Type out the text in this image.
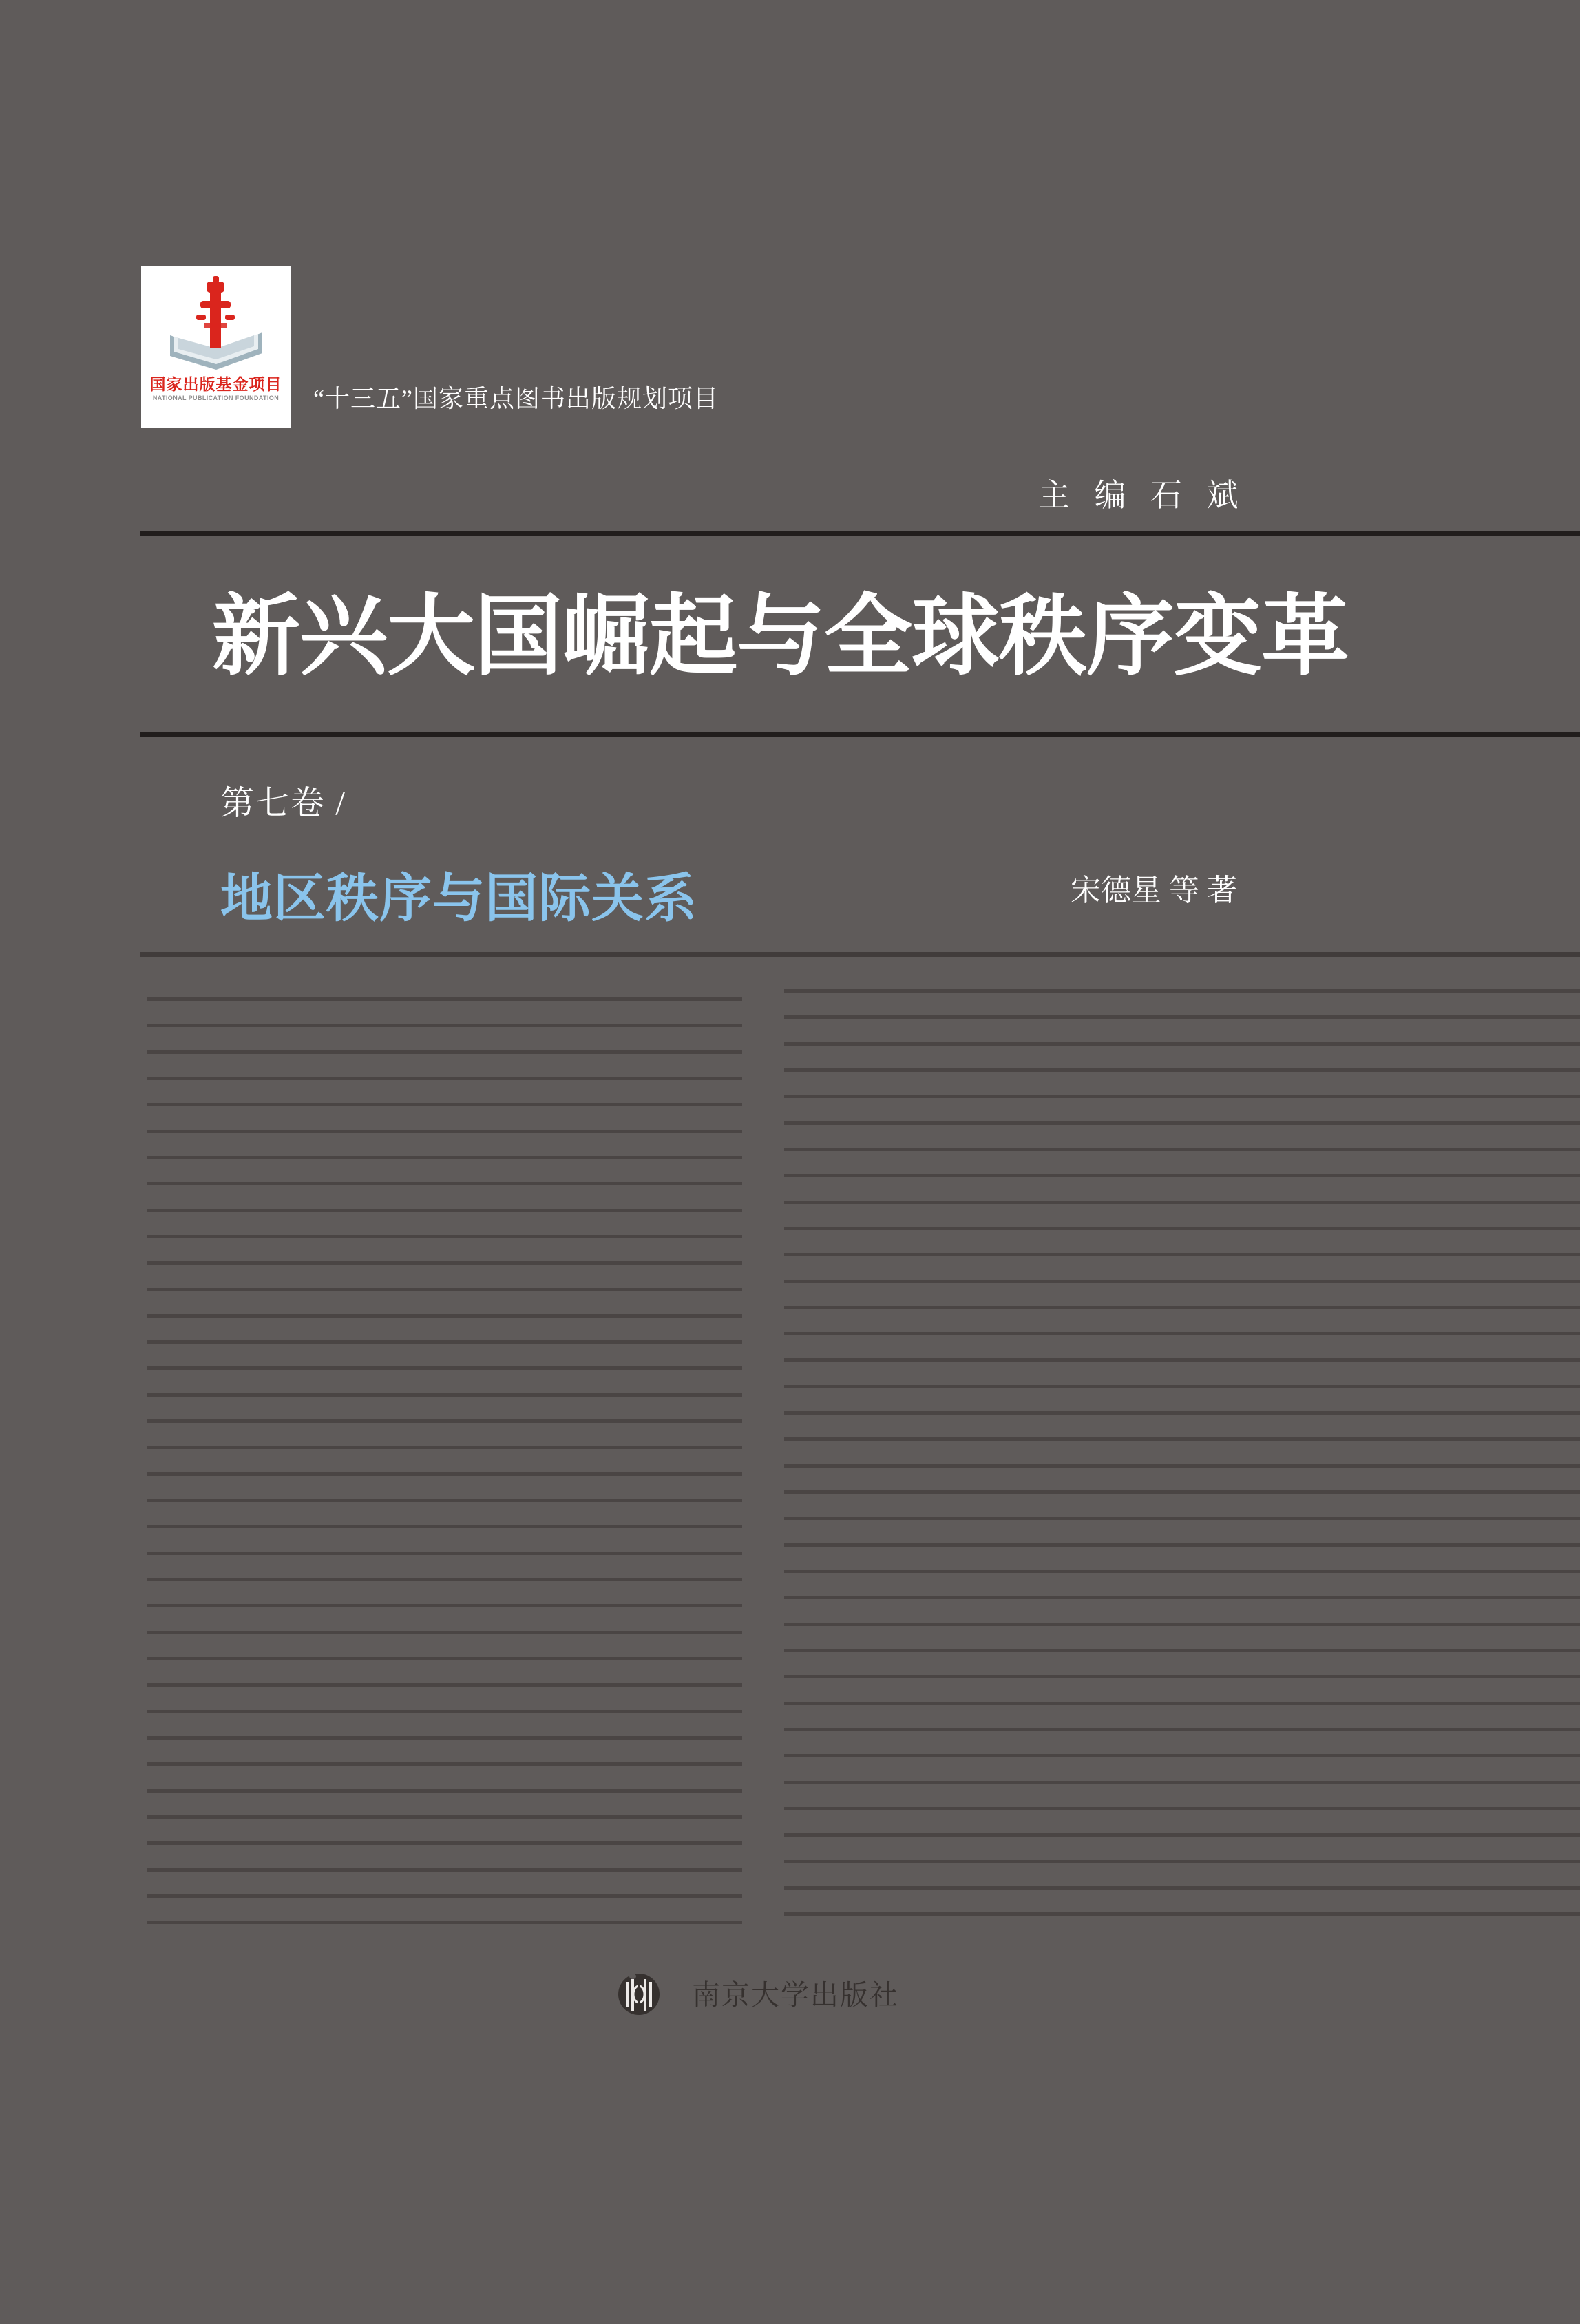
国家出版基金项目
NATIONAL PUBLICATION FOUNDATION “十三五”国家重点图书出版规划项目
主 编 石 斌
新兴大国崛起与全球秩序变革
第七卷 /
地区秩序与国际关系	宋德星 等 著
南京大学出版社
